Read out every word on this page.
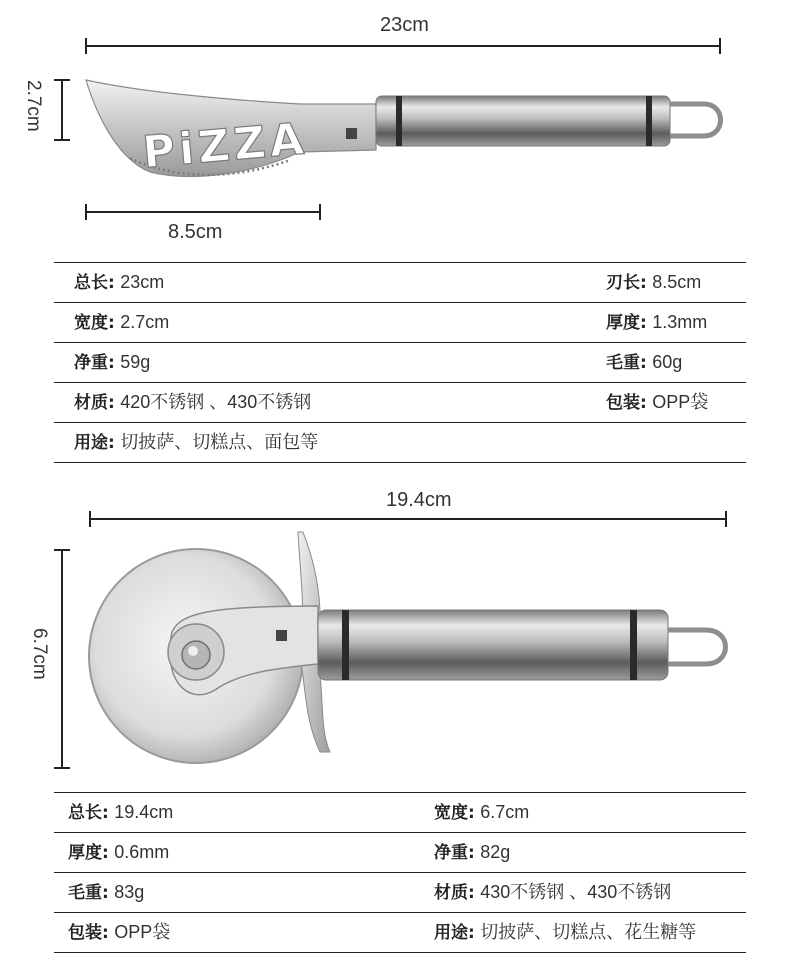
PiZZA
23cm
2.7cm
8.5cm
19.4cm
6.7cm
总长: 23cm	刃长: 8.5cm
宽度: 2.7cm	厚度: 1.3mm
净重: 59g	毛重: 60g
材质: 420不锈钢 、430不锈钢	包装: OPP袋
用途: 切披萨、切糕点、面包等
总长: 19.4cm	宽度: 6.7cm
厚度: 0.6mm	净重: 82g
毛重: 83g	材质: 430不锈钢 、430不锈钢
包装: OPP袋	用途: 切披萨、切糕点、花生糖等
